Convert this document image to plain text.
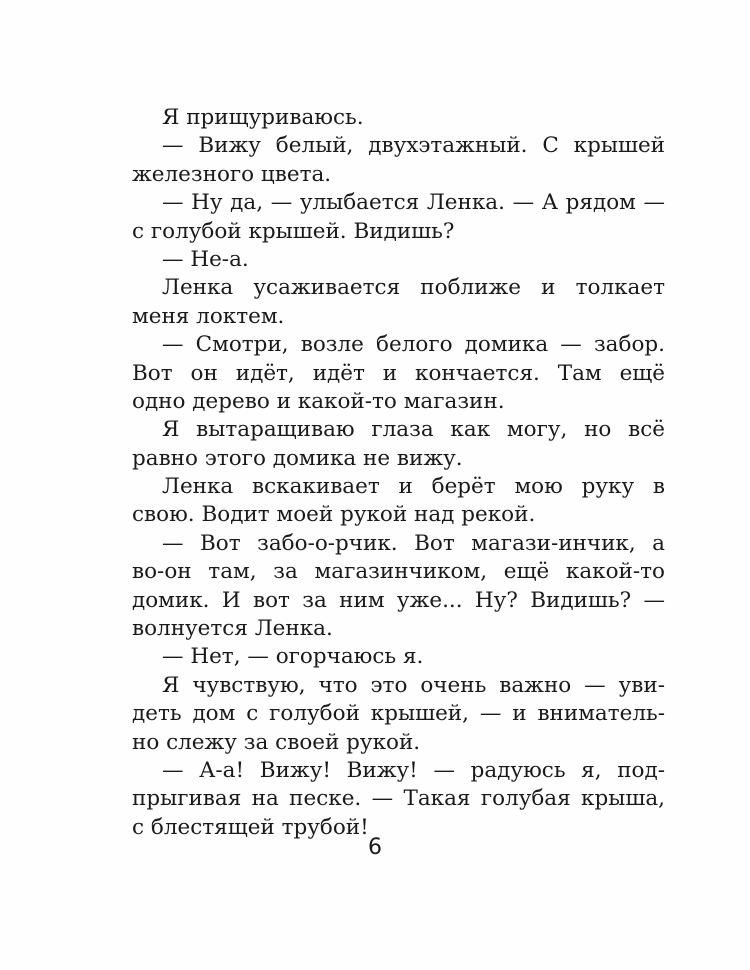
Я прищуриваюсь.
— Вижу белый, двухэтажный. С крышей
железного цвета.
— Ну да, — улыбается Ленка. — А рядом —
с голубой крышей. Видишь?
— Не-а.
Ленка усаживается поближе и толкает
меня локтем.
— Смотри, возле белого домика — забор.
Вот он идёт, идёт и кончается. Там ещё
одно дерево и какой-то магазин.
Я вытаращиваю глаза как могу, но всё
равно этого домика не вижу.
Ленка вскакивает и берёт мою руку в
свою. Водит моей рукой над рекой.
— Вот забо-о-рчик. Вот магази-инчик, а
во-он там, за магазинчиком, ещё какой-то
домик. И вот за ним уже... Ну? Видишь? —
волнуется Ленка.
— Нет, — огорчаюсь я.
Я чувствую, что это очень важно — уви-
деть дом с голубой крышей, — и вниматель-
но слежу за своей рукой.
— А-а! Вижу! Вижу! — радуюсь я, под-
прыгивая на песке. — Такая голубая крыша,
с блестящей трубой!
6
